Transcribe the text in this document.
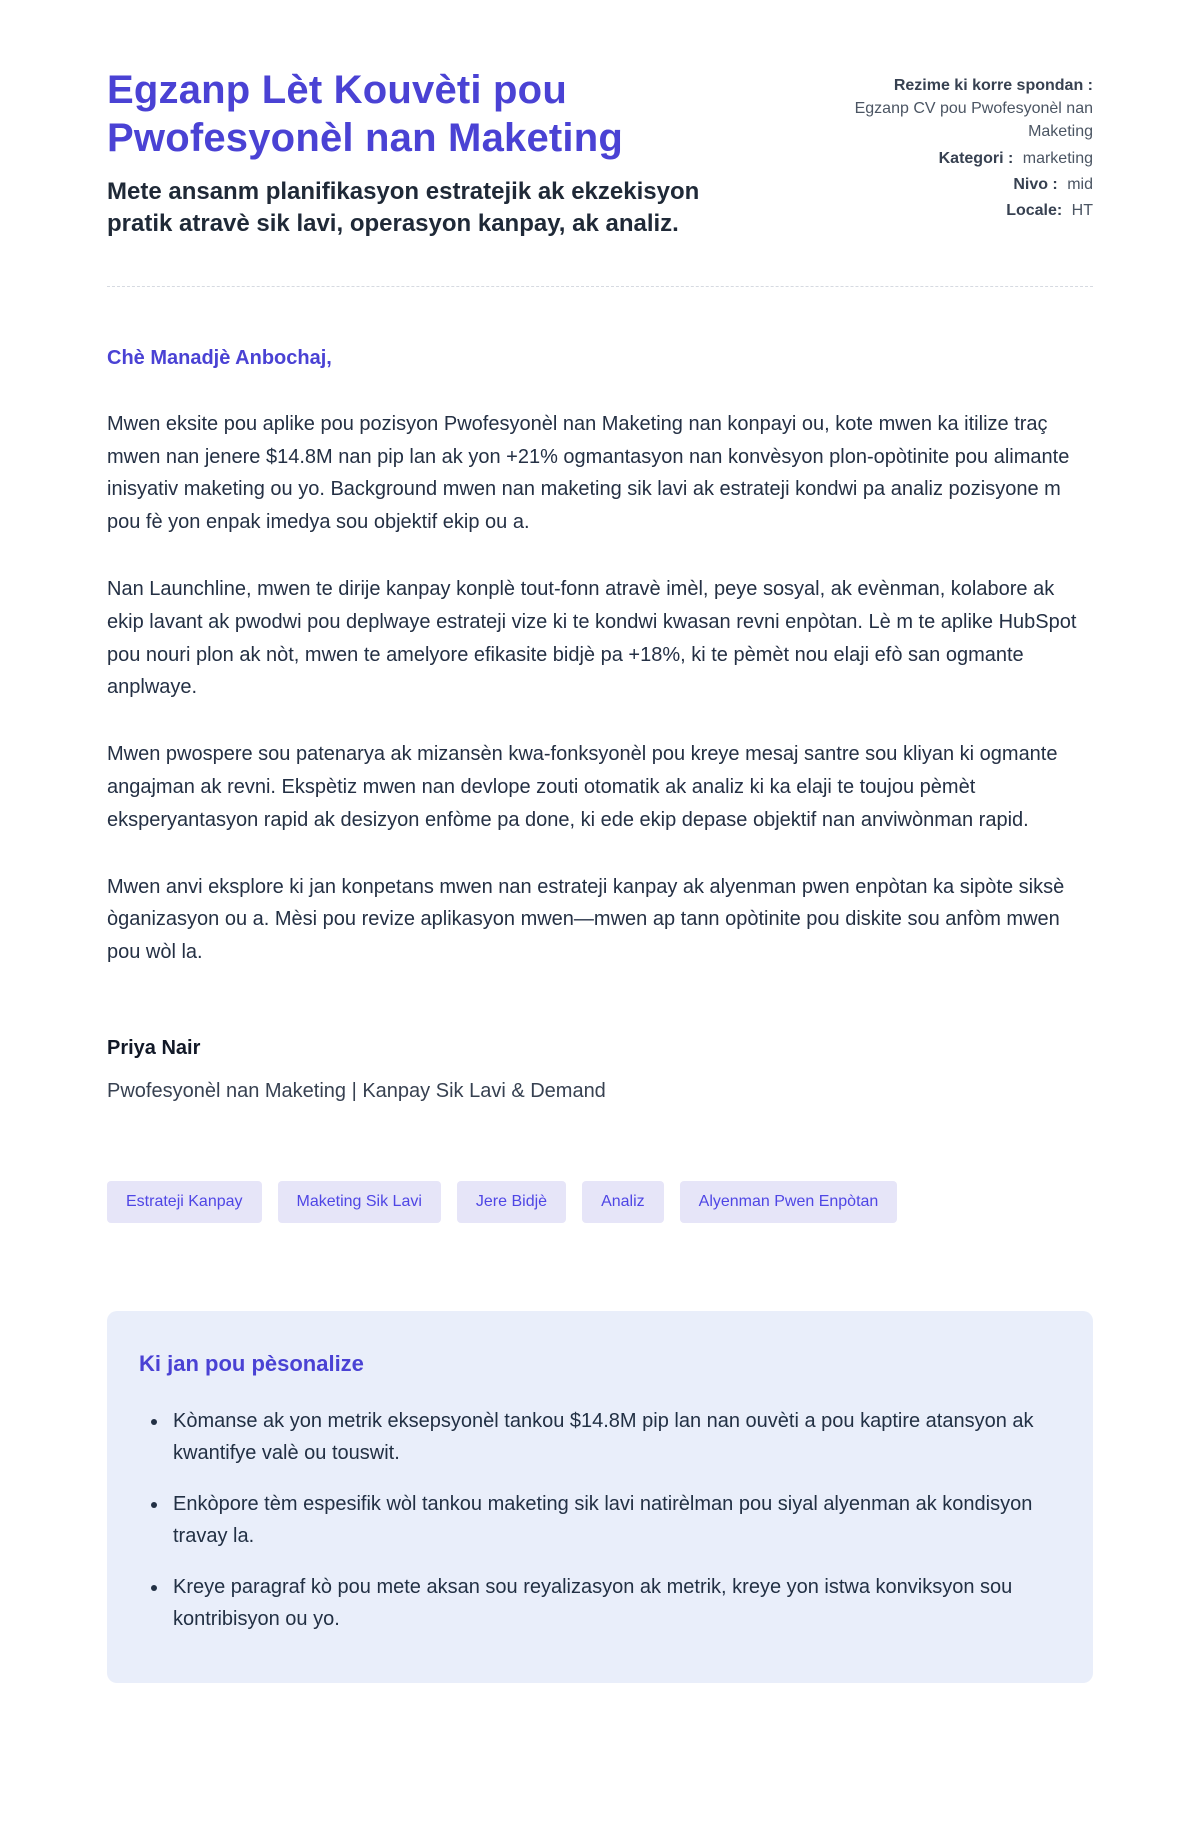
Egzanp Lèt Kouvèti pou Pwofesyonèl nan Maketing
Mete ansanm planifikasyon estratejik ak ekzekisyon pratik atravè sik lavi, operasyon kanpay, ak analiz.
Rezime ki korre spondan :
Egzanp CV pou Pwofesyonèl nan Maketing
Kategori : marketing
Nivo : mid
Locale: HT
Chè Manadjè Anbochaj,

Mwen eksite pou aplike pou pozisyon Pwofesyonèl nan Maketing nan konpayi ou, kote mwen ka itilize traç mwen nan jenere $14.8M nan pip lan ak yon +21% ogmantasyon nan konvèsyon plon-opòtinite pou alimante inisyativ maketing ou yo. Background mwen nan maketing sik lavi ak estrateji kondwi pa analiz pozisyone m pou fè yon enpak imedya sou objektif ekip ou a.

Nan Launchline, mwen te dirije kanpay konplè tout-fonn atravè imèl, peye sosyal, ak evènman, kolabore ak ekip lavant ak pwodwi pou deplwaye estrateji vize ki te kondwi kwasan revni enpòtan. Lè m te aplike HubSpot pou nouri plon ak nòt, mwen te amelyore efikasite bidjè pa +18%, ki te pèmèt nou elaji efò san ogmante anplwaye.

Mwen pwospere sou patenarya ak mizansèn kwa-fonksyonèl pou kreye mesaj santre sou kliyan ki ogmante angajman ak revni. Ekspètiz mwen nan devlope zouti otomatik ak analiz ki ka elaji te toujou pèmèt eksperyantasyon rapid ak desizyon enfòme pa done, ki ede ekip depase objektif nan anviwònman rapid.

Mwen anvi eksplore ki jan konpetans mwen nan estrateji kanpay ak alyenman pwen enpòtan ka sipòte siksè òganizasyon ou a. Mèsi pou revize aplikasyon mwen—mwen ap tann opòtinite pou diskite sou anfòm mwen pou wòl la.

Priya Nair
Pwofesyonèl nan Maketing | Kanpay Sik Lavi & Demand
Estrateji Kanpay	Maketing Sik Lavi	Jere Bidjè	Analiz	Alyenman Pwen Enpòtan
Ki jan pou pèsonalize
• Kòmanse ak yon metrik eksepsyonèl tankou $14.8M pip lan nan ouvèti a pou kaptire atansyon ak kwantifye valè ou touswit.
• Enkòpore tèm espesifik wòl tankou maketing sik lavi natirèlman pou siyal alyenman ak kondisyon travay la.
• Kreye paragraf kò pou mete aksan sou reyalizasyon ak metrik, kreye yon istwa konviksyon sou kontribisyon ou yo.
